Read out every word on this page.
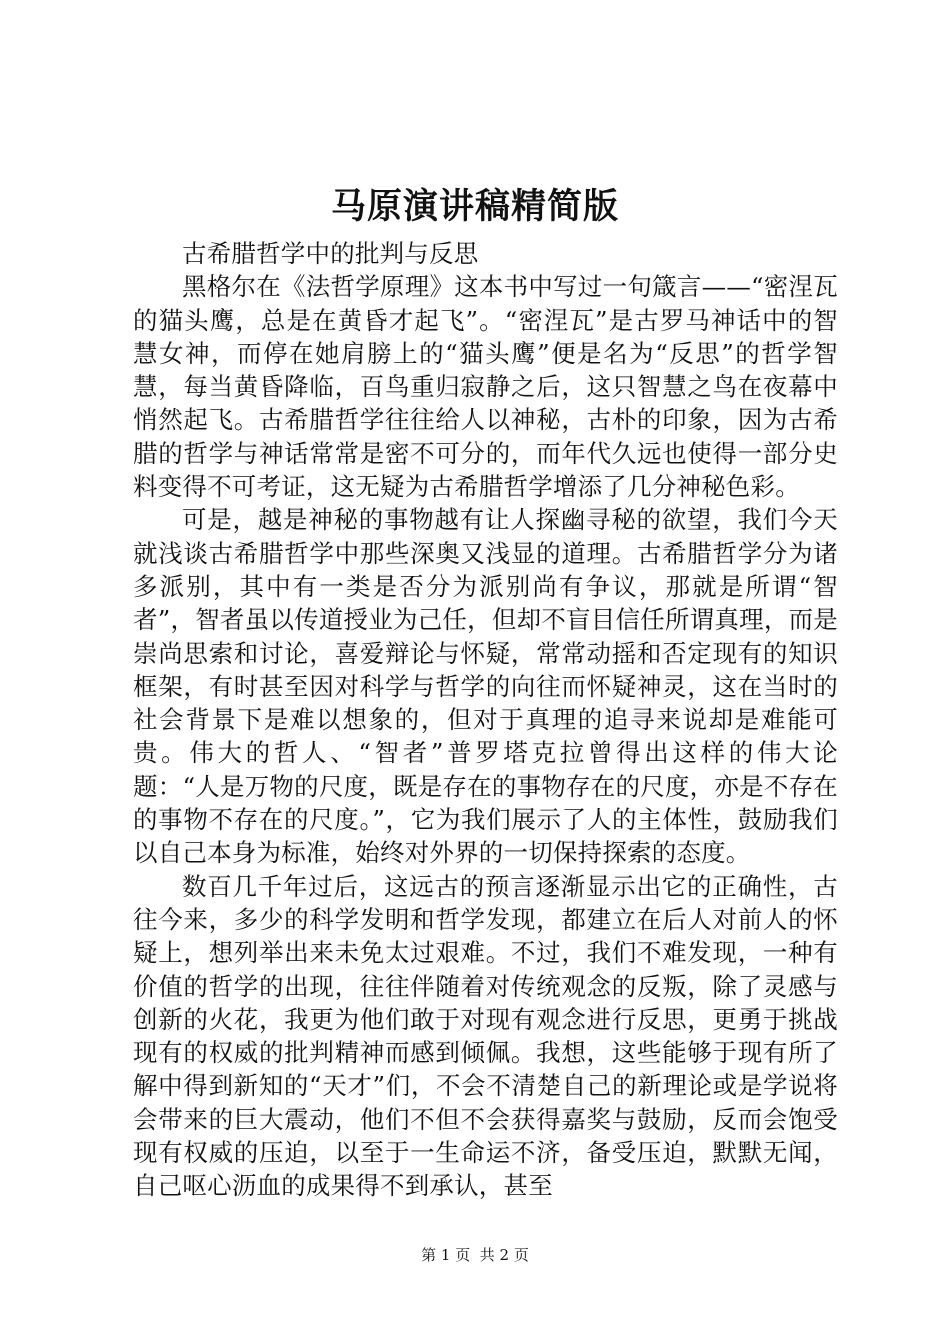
马原演讲稿精简版

古希腊哲学中的批判与反思

黑格尔在《法哲学原理》这本书中写过一句箴言——“密涅瓦的猫头鹰，总是在黄昏才起飞”。“密涅瓦”是古罗马神话中的智慧女神，而停在她肩膀上的“猫头鹰”便是名为“反思”的哲学智慧，每当黄昏降临，百鸟重归寂静之后，这只智慧之鸟在夜幕中悄然起飞。古希腊哲学往往给人以神秘，古朴的印象，因为古希腊的哲学与神话常常是密不可分的，而年代久远也使得一部分史料变得不可考证，这无疑为古希腊哲学增添了几分神秘色彩。

可是，越是神秘的事物越有让人探幽寻秘的欲望，我们今天就浅谈古希腊哲学中那些深奥又浅显的道理。古希腊哲学分为诸多派别，其中有一类是否分为派别尚有争议，那就是所谓“智者”，智者虽以传道授业为己任，但却不盲目信任所谓真理，而是崇尚思索和讨论，喜爱辩论与怀疑，常常动摇和否定现有的知识框架，有时甚至因对科学与哲学的向往而怀疑神灵，这在当时的社会背景下是难以想象的，但对于真理的追寻来说却是难能可贵。伟大的哲人、“智者”普罗塔克拉曾得出这样的伟大论题：“人是万物的尺度，既是存在的事物存在的尺度，亦是不存在的事物不存在的尺度。”，它为我们展示了人的主体性，鼓励我们以自己本身为标准，始终对外界的一切保持探索的态度。

数百几千年过后，这远古的预言逐渐显示出它的正确性，古往今来，多少的科学发明和哲学发现，都建立在后人对前人的怀疑上，想列举出来未免太过艰难。不过，我们不难发现，一种有价值的哲学的出现，往往伴随着对传统观念的反叛，除了灵感与创新的火花，我更为他们敢于对现有观念进行反思，更勇于挑战现有的权威的批判精神而感到倾佩。我想，这些能够于现有所了解中得到新知的“天才”们，不会不清楚自己的新理论或是学说将会带来的巨大震动，他们不但不会获得嘉奖与鼓励，反而会饱受现有权威的压迫，以至于一生命运不济，备受压迫，默默无闻，自己呕心沥血的成果得不到承认，甚至

第 1 页  共 2 页
